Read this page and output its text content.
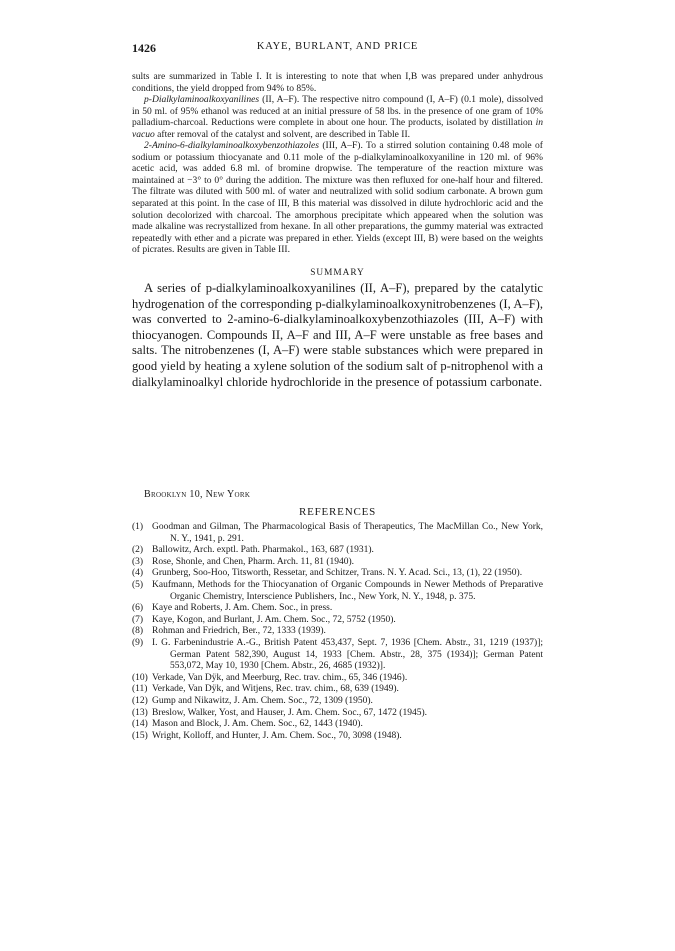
1426	KAYE, BURLANT, AND PRICE

sults are summarized in Table I. It is interesting to note that when I,B was prepared under anhydrous conditions, the yield dropped from 94% to 85%.

p-Dialkylaminoalkoxyanilines (II, A–F). The respective nitro compound (I, A–F) (0.1 mole), dissolved in 50 ml. of 95% ethanol was reduced at an initial pressure of 58 lbs. in the presence of one gram of 10% palladium-charcoal. Reductions were complete in about one hour. The products, isolated by distillation in vacuo after removal of the catalyst and solvent, are described in Table II.

2-Amino-6-dialkylaminoalkoxybenzothiazoles (III, A–F). To a stirred solution containing 0.48 mole of sodium or potassium thiocyanate and 0.11 mole of the p-dialkylaminoalkoxyaniline in 120 ml. of 96% acetic acid, was added 6.8 ml. of bromine dropwise. The temperature of the reaction mixture was maintained at −3° to 0° during the addition. The mixture was then refluxed for one-half hour and filtered. The filtrate was diluted with 500 ml. of water and neutralized with solid sodium carbonate. A brown gum separated at this point. In the case of III, B this material was dissolved in dilute hydrochloric acid and the solution decolorized with charcoal. The amorphous precipitate which appeared when the solution was made alkaline was recrystallized from hexane. In all other preparations, the gummy material was extracted repeatedly with ether and a picrate was prepared in ether. Yields (except III, B) were based on the weights of picrates. Results are given in Table III.

SUMMARY

A series of p-dialkylaminoalkoxyanilines (II, A–F), prepared by the catalytic hydrogenation of the corresponding p-dialkylaminoalkoxynitrobenzenes (I, A–F), was converted to 2-amino-6-dialkylaminoalkoxybenzothiazoles (III, A–F) with thiocyanogen. Compounds II, A–F and III, A–F were unstable as free bases and salts. The nitrobenzenes (I, A–F) were stable substances which were prepared in good yield by heating a xylene solution of the sodium salt of p-nitrophenol with a dialkylaminoalkyl chloride hydrochloride in the presence of potassium carbonate.

Brooklyn 10, New York
REFERENCES

(1) Goodman and Gilman, The Pharmacological Basis of Therapeutics, The MacMillan Co., New York, N. Y., 1941, p. 291.

(2) Ballowitz, Arch. exptl. Path. Pharmakol., 163, 687 (1931).

(3) Rose, Shonle, and Chen, Pharm. Arch. 11, 81 (1940).

(4) Grunberg, Soo-Hoo, Titsworth, Ressetar, and Schitzer, Trans. N. Y. Acad. Sci., 13, (1), 22 (1950).

(5) Kaufmann, Methods for the Thiocyanation of Organic Compounds in Newer Methods of Preparative Organic Chemistry, Interscience Publishers, Inc., New York, N. Y., 1948, p. 375.

(6) Kaye and Roberts, J. Am. Chem. Soc., in press.

(7) Kaye, Kogon, and Burlant, J. Am. Chem. Soc., 72, 5752 (1950).

(8) Rohman and Friedrich, Ber., 72, 1333 (1939).

(9) I. G. Farbenindustrie A.-G., British Patent 453,437, Sept. 7, 1936 [Chem. Abstr., 31, 1219 (1937)]; German Patent 582,390, August 14, 1933 [Chem. Abstr., 28, 375 (1934)]; German Patent 553,072, May 10, 1930 [Chem. Abstr., 26, 4685 (1932)].

(10) Verkade, Van Dÿk, and Meerburg, Rec. trav. chim., 65, 346 (1946).

(11) Verkade, Van Dÿk, and Witjens, Rec. trav. chim., 68, 639 (1949).

(12) Gump and Nikawitz, J. Am. Chem. Soc., 72, 1309 (1950).

(13) Breslow, Walker, Yost, and Hauser, J. Am. Chem. Soc., 67, 1472 (1945).

(14) Mason and Block, J. Am. Chem. Soc., 62, 1443 (1940).

(15) Wright, Kolloff, and Hunter, J. Am. Chem. Soc., 70, 3098 (1948).
